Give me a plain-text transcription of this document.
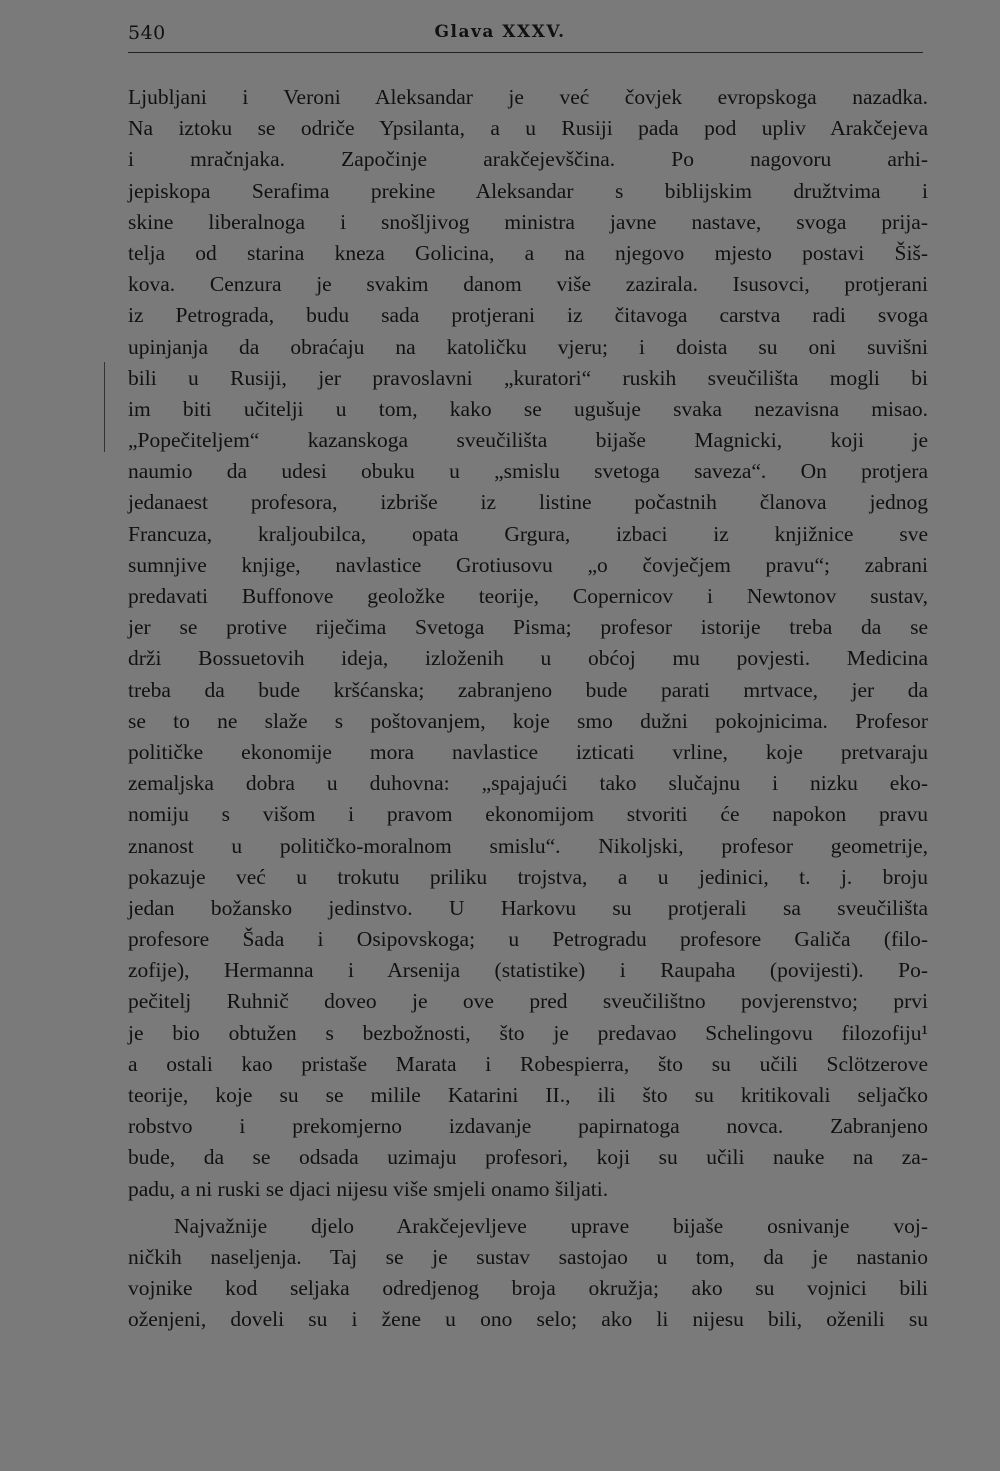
540	Glava XXXV.
Ljubljani i Veroni Aleksandar je već čovjek evropskoga nazadka.
Na iztoku se odriče Ypsilanta, a u Rusiji pada pod upliv Arakčejeva
i mračnjaka. Započinje arakčejevščina. Po nagovoru arhi-
jepiskopa Serafima prekine Aleksandar s biblijskim družtvima i
skine liberalnoga i snošljivog ministra javne nastave, svoga prija-
telja od starina kneza Golicina, a na njegovo mjesto postavi Šiš-
kova. Cenzura je svakim danom više zazirala. Isusovci, protjerani
iz Petrograda, budu sada protjerani iz čitavoga carstva radi svoga
upinjanja da obraćaju na katoličku vjeru; i doista su oni suvišni
bili u Rusiji, jer pravoslavni „kuratori“ ruskih sveučilišta mogli bi
im biti učitelji u tom, kako se ugušuje svaka nezavisna misao.
„Popečiteljem“ kazanskoga sveučilišta bijaše Magnicki, koji je
naumio da udesi obuku u „smislu svetoga saveza“. On protjera
jedanaest profesora, izbriše iz listine počastnih članova jednog
Francuza, kraljoubilca, opata Grgura, izbaci iz knjižnice sve
sumnjive knjige, navlastice Grotiusovu „o čovječjem pravu“; zabrani
predavati Buffonove geoložke teorije, Copernicov i Newtonov sustav,
jer se protive riječima Svetoga Pisma; profesor istorije treba da se
drži Bossuetovih ideja, izloženih u obćoj mu povjesti. Medicina
treba da bude kršćanska; zabranjeno bude parati mrtvace, jer da
se to ne slaže s poštovanjem, koje smo dužni pokojnicima. Profesor
političke ekonomije mora navlastice izticati vrline, koje pretvaraju
zemaljska dobra u duhovna: „spajajući tako slučajnu i nizku eko-
nomiju s višom i pravom ekonomijom stvoriti će napokon pravu
znanost u političko-moralnom smislu“. Nikoljski, profesor geometrije,
pokazuje već u trokutu priliku trojstva, a u jedinici, t. j. broju
jedan božansko jedinstvo. U Harkovu su protjerali sa sveučilišta
profesore Šada i Osipovskoga; u Petrogradu profesore Galiča (filo-
zofije), Hermanna i Arsenija (statistike) i Raupaha (povijesti). Po-
pečitelj Ruhnič doveo je ove pred sveučilištno povjerenstvo; prvi
je bio obtužen s bezbožnosti, što je predavao Schelingovu filozofiju¹
a ostali kao pristaše Marata i Robespierra, što su učili Sclötzerove
teorije, koje su se milile Katarini II., ili što su kritikovali seljačko
robstvo i prekomjerno izdavanje papirnatoga novca. Zabranjeno
bude, da se odsada uzimaju profesori, koji su učili nauke na za-
padu, a ni ruski se djaci nijesu više smjeli onamo šiljati.
Najvažnije djelo Arakčejevljeve uprave bijaše osnivanje voj-
ničkih naseljenja. Taj se je sustav sastojao u tom, da je nastanio
vojnike kod seljaka odredjenog broja okružja; ako su vojnici bili
oženjeni, doveli su i žene u ono selo; ako li nijesu bili, oženili su
